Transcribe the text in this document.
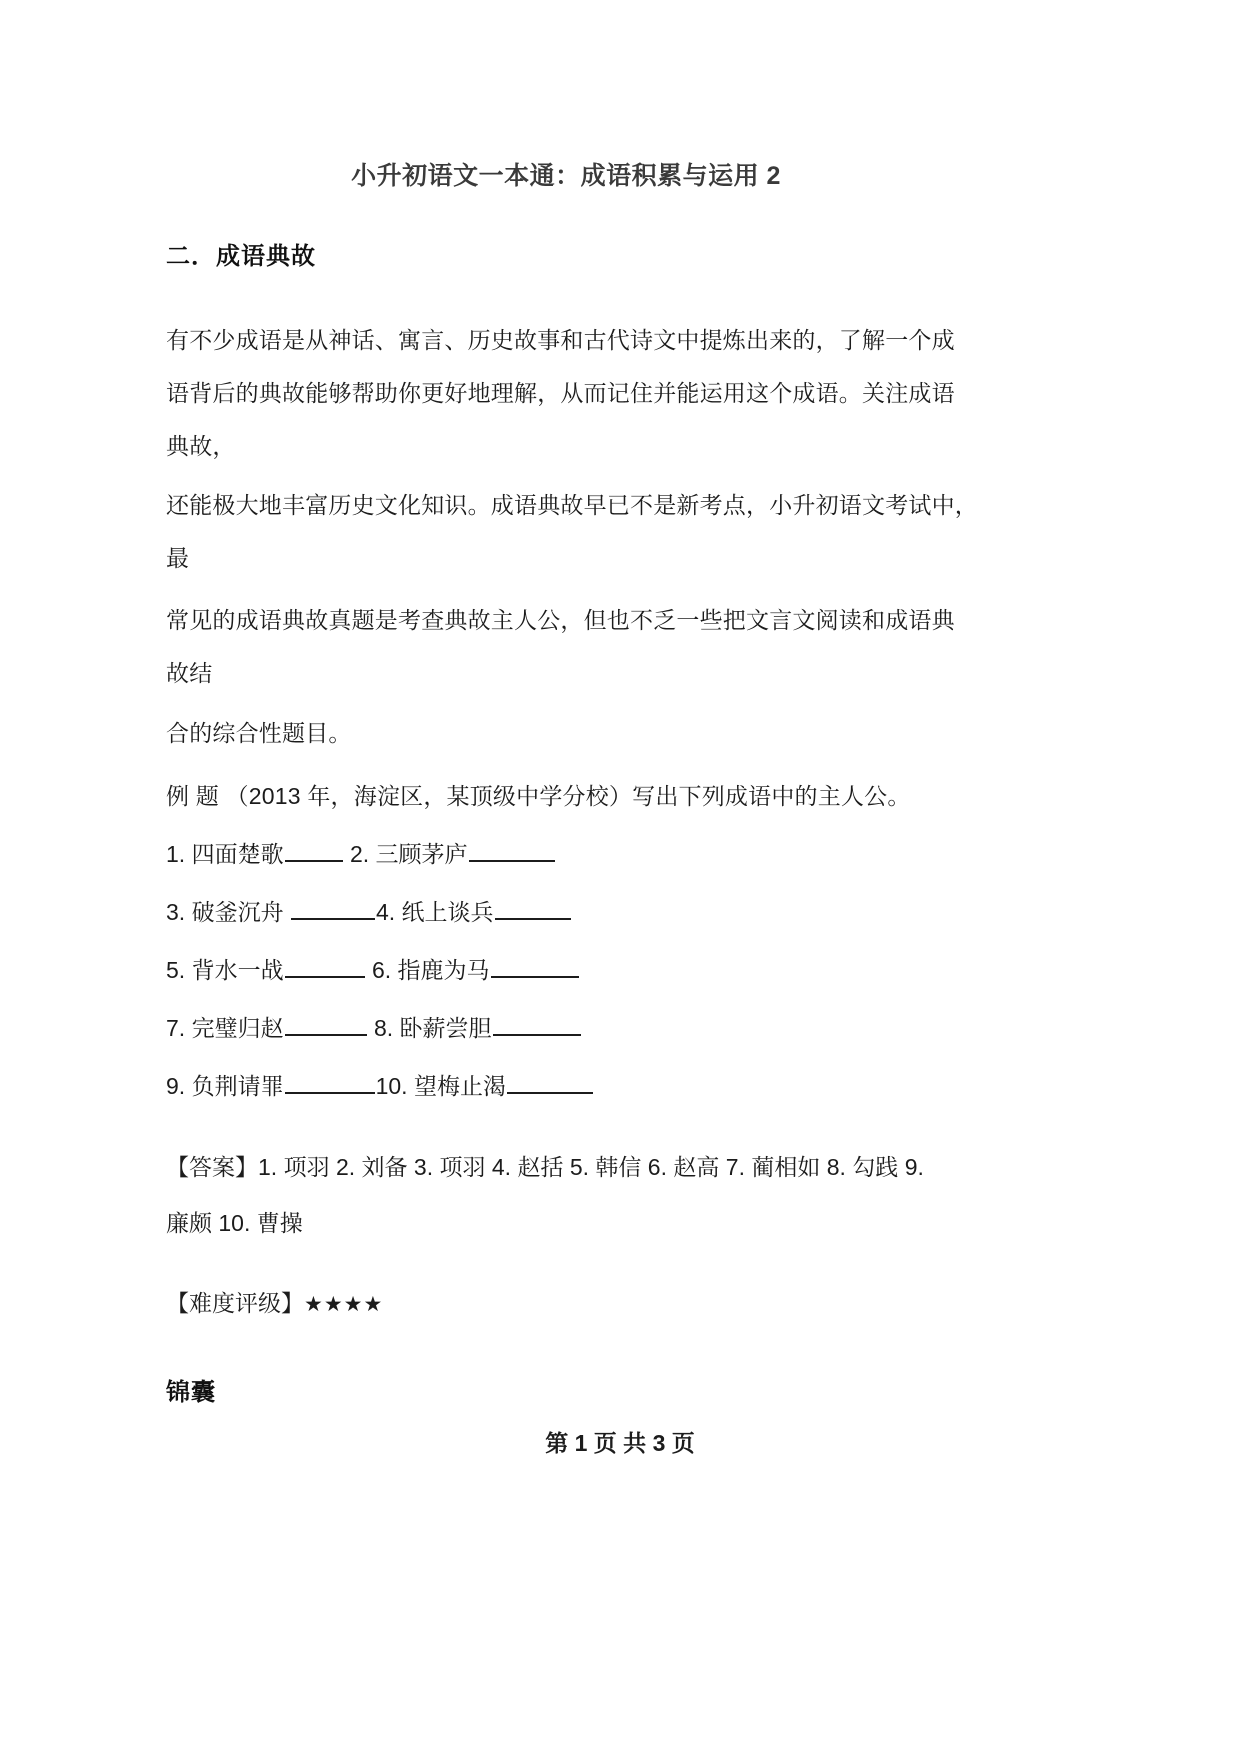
小升初语文一本通：成语积累与运用 2
二．成语典故
有不少成语是从神话、寓言、历史故事和古代诗文中提炼出来的，了解一个成
语背后的典故能够帮助你更好地理解，从而记住并能运用这个成语。关注成语
典故，
还能极大地丰富历史文化知识。成语典故早已不是新考点，小升初语文考试中，
最
常见的成语典故真题是考查典故主人公，但也不乏一些把文言文阅读和成语典
故结
合的综合性题目。
例 题 （2013 年，海淀区，某顶级中学分校）写出下列成语中的主人公。
1. 四面楚歌	2. 三顾茅庐
3. 破釜沉舟	4. 纸上谈兵
5. 背水一战	6. 指鹿为马
7. 完璧归赵	8. 卧薪尝胆
9. 负荆请罪	10. 望梅止渴
【答案】1. 项羽 2. 刘备 3. 项羽 4. 赵括 5. 韩信 6. 赵高 7. 蔺相如 8. 勾践 9.
廉颇 10. 曹操
【难度评级】★★★★
锦囊
第 1 页 共 3 页
